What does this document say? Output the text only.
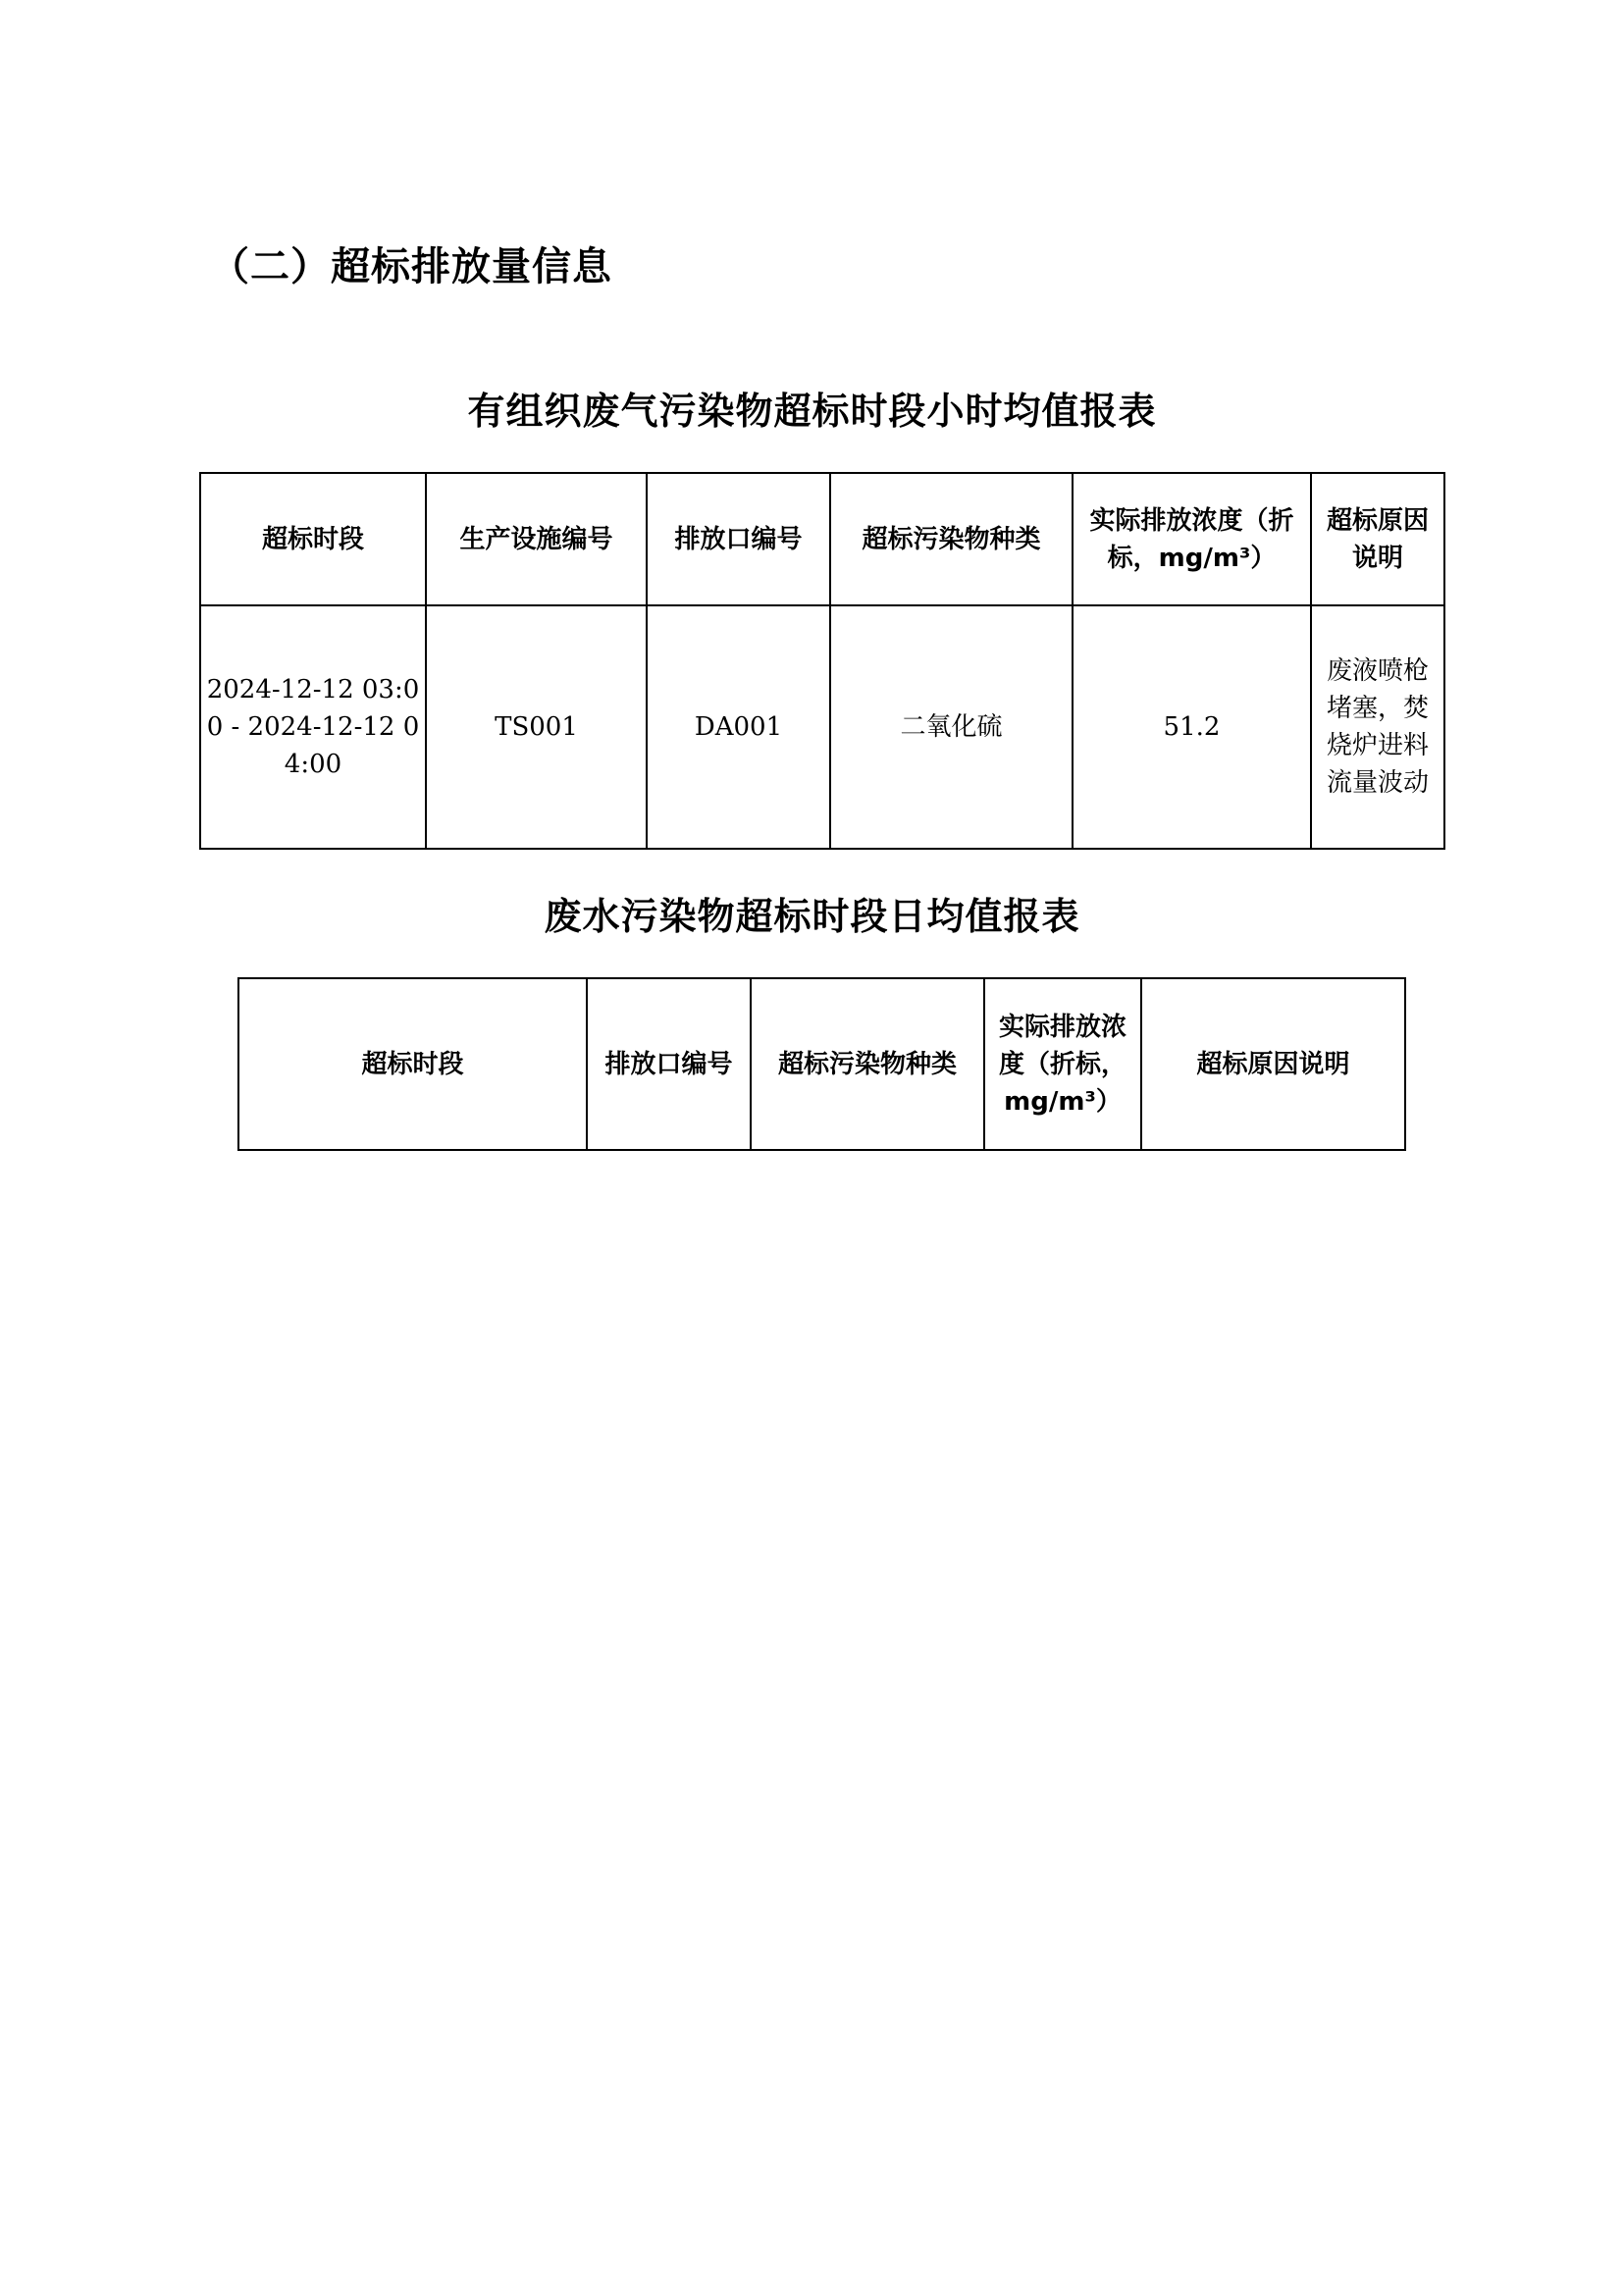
（二）超标排放量信息
有组织废气污染物超标时段小时均值报表
超标时段	生产设施编号	排放口编号	超标污染物种类	实际排放浓度（折标，mg/m³）	超标原因说明
2024-12-12 03:00 - 2024-12-12 04:00	TS001	DA001	二氧化硫	51.2	废液喷枪堵塞，焚烧炉进料流量波动
废水污染物超标时段日均值报表
超标时段	排放口编号	超标污染物种类	实际排放浓度（折标，mg/m³）	超标原因说明
